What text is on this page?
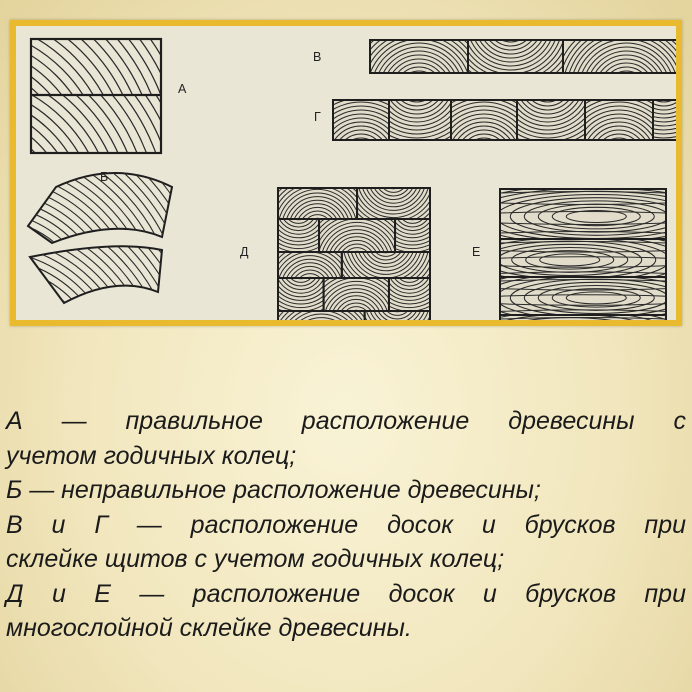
А
Б
В
Г
Д	Е
А — правильное расположение древесины с
учетом годичных колец;
Б — неправильное расположение древесины;
В и Г — расположение досок и брусков при
склейке щитов с учетом годичных колец;
Д и Е — расположение досок и брусков при
многослойной склейке древесины.
